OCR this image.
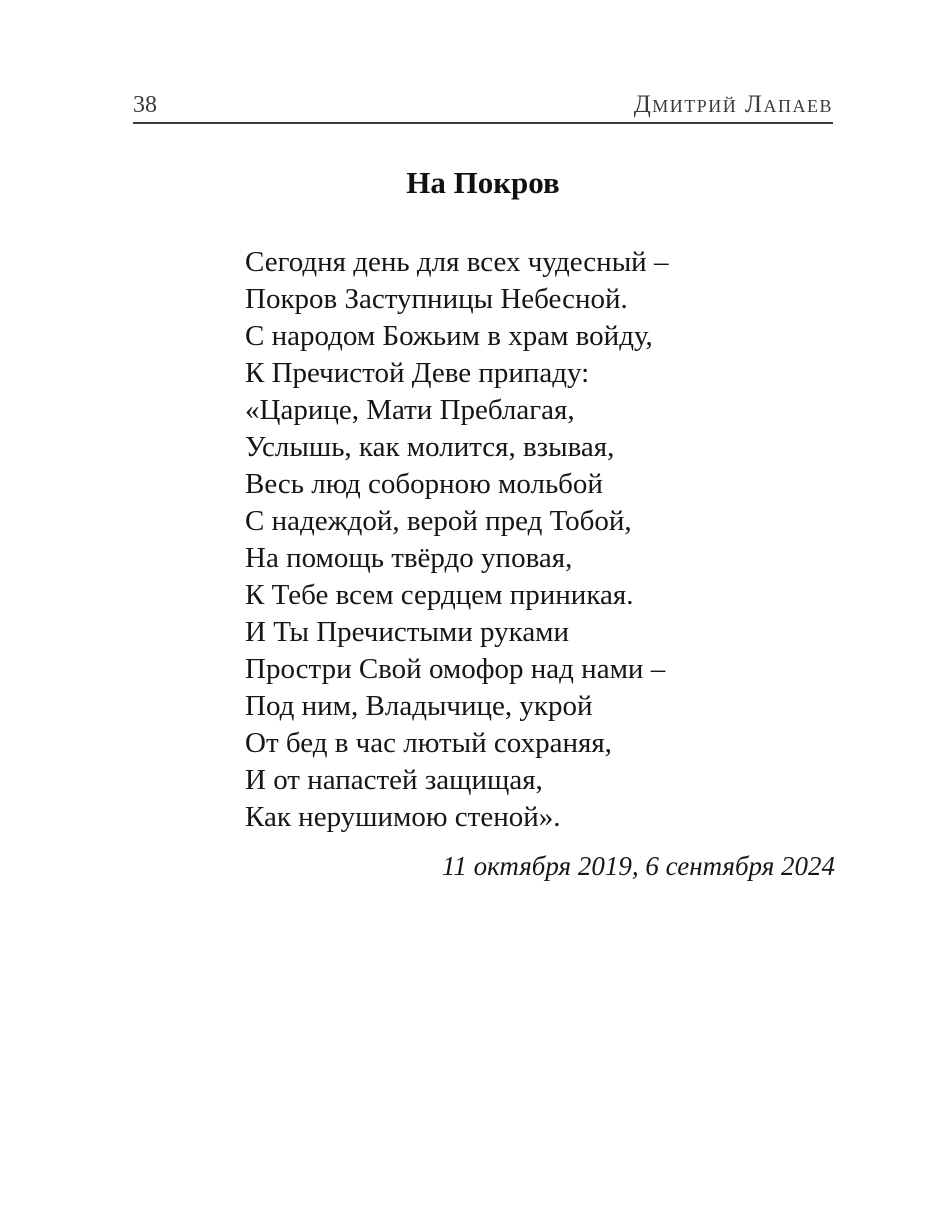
38	Дмитрий Лапаев
На Покров
Сегодня день для всех чудесный –
Покров Заступницы Небесной.
С народом Божьим в храм войду,
К Пречистой Деве припаду:
«Царице, Мати Преблагая,
Услышь, как молится, взывая,
Весь люд соборною мольбой
С надеждой, верой пред Тобой,
На помощь твёрдо уповая,
К Тебе всем сердцем приникая.
И Ты Пречистыми руками
Простри Свой омофор над нами –
Под ним, Владычице, укрой
От бед в час лютый сохраняя,
И от напастей защищая,
Как нерушимою стеной».
11 октября 2019, 6 сентября 2024
